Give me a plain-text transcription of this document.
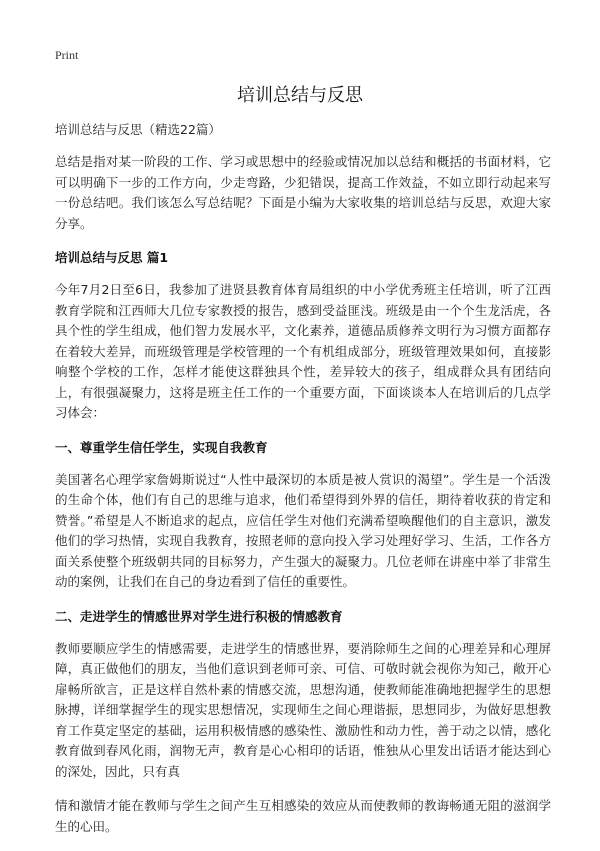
Print
培训总结与反思
培训总结与反思（精选22篇）

总结是指对某一阶段的工作、学习或思想中的经验或情况加以总结和概括的书面材料，它可以明确下一步的工作方向，少走弯路，少犯错误，提高工作效益，不如立即行动起来写一份总结吧。我们该怎么写总结呢？下面是小编为大家收集的培训总结与反思，欢迎大家分享。

培训总结与反思 篇1

今年7月2日至6日，我参加了进贤县教育体育局组织的中小学优秀班主任培训，听了江西教育学院和江西师大几位专家教授的报告，感到受益匪浅。班级是由一个个生龙活虎，各具个性的学生组成，他们智力发展水平，文化素养，道德品质修养文明行为习惯方面都存在着较大差异，而班级管理是学校管理的一个有机组成部分，班级管理效果如何，直接影响整个学校的工作，怎样才能使这群独具个性，差异较大的孩子，组成群众具有团结向上，有很强凝聚力，这将是班主任工作的一个重要方面，下面谈谈本人在培训后的几点学习体会：

一、尊重学生信任学生，实现自我教育

美国著名心理学家詹姆斯说过“人性中最深切的本质是被人赏识的渴望”。学生是一个活泼的生命个体，他们有自己的思维与追求，他们希望得到外界的信任，期待着收获的肯定和赞誉。”希望是人不断追求的起点，应信任学生对他们充满希望唤醒他们的自主意识，激发他们的学习热情，实现自我教育，按照老师的意向投入学习处理好学习、生活，工作各方面关系使整个班级朝共同的目标努力，产生强大的凝聚力。几位老师在讲座中举了非常生动的案例，让我们在自己的身边看到了信任的重要性。

二、走进学生的情感世界对学生进行积极的情感教育

教师要顺应学生的情感需要，走进学生的情感世界，要消除师生之间的心理差异和心理屏障，真正做他们的朋友，当他们意识到老师可亲、可信、可敬时就会视你为知己，敞开心扉畅所欲言，正是这样自然朴素的情感交流，思想沟通，使教师能准确地把握学生的思想脉搏，详细掌握学生的现实思想情况，实现师生之间心理谐振，思想同步，为做好思想教育工作莫定坚定的基础，运用积极情感的感染性、激励性和动力性，善于动之以情，感化教育做到春风化雨，润物无声，教育是心心相印的话语，惟独从心里发出话语才能达到心的深处，因此，只有真

情和激情才能在教师与学生之间产生互相感染的效应从而使教师的教诲畅通无阻的滋润学生的心田。
